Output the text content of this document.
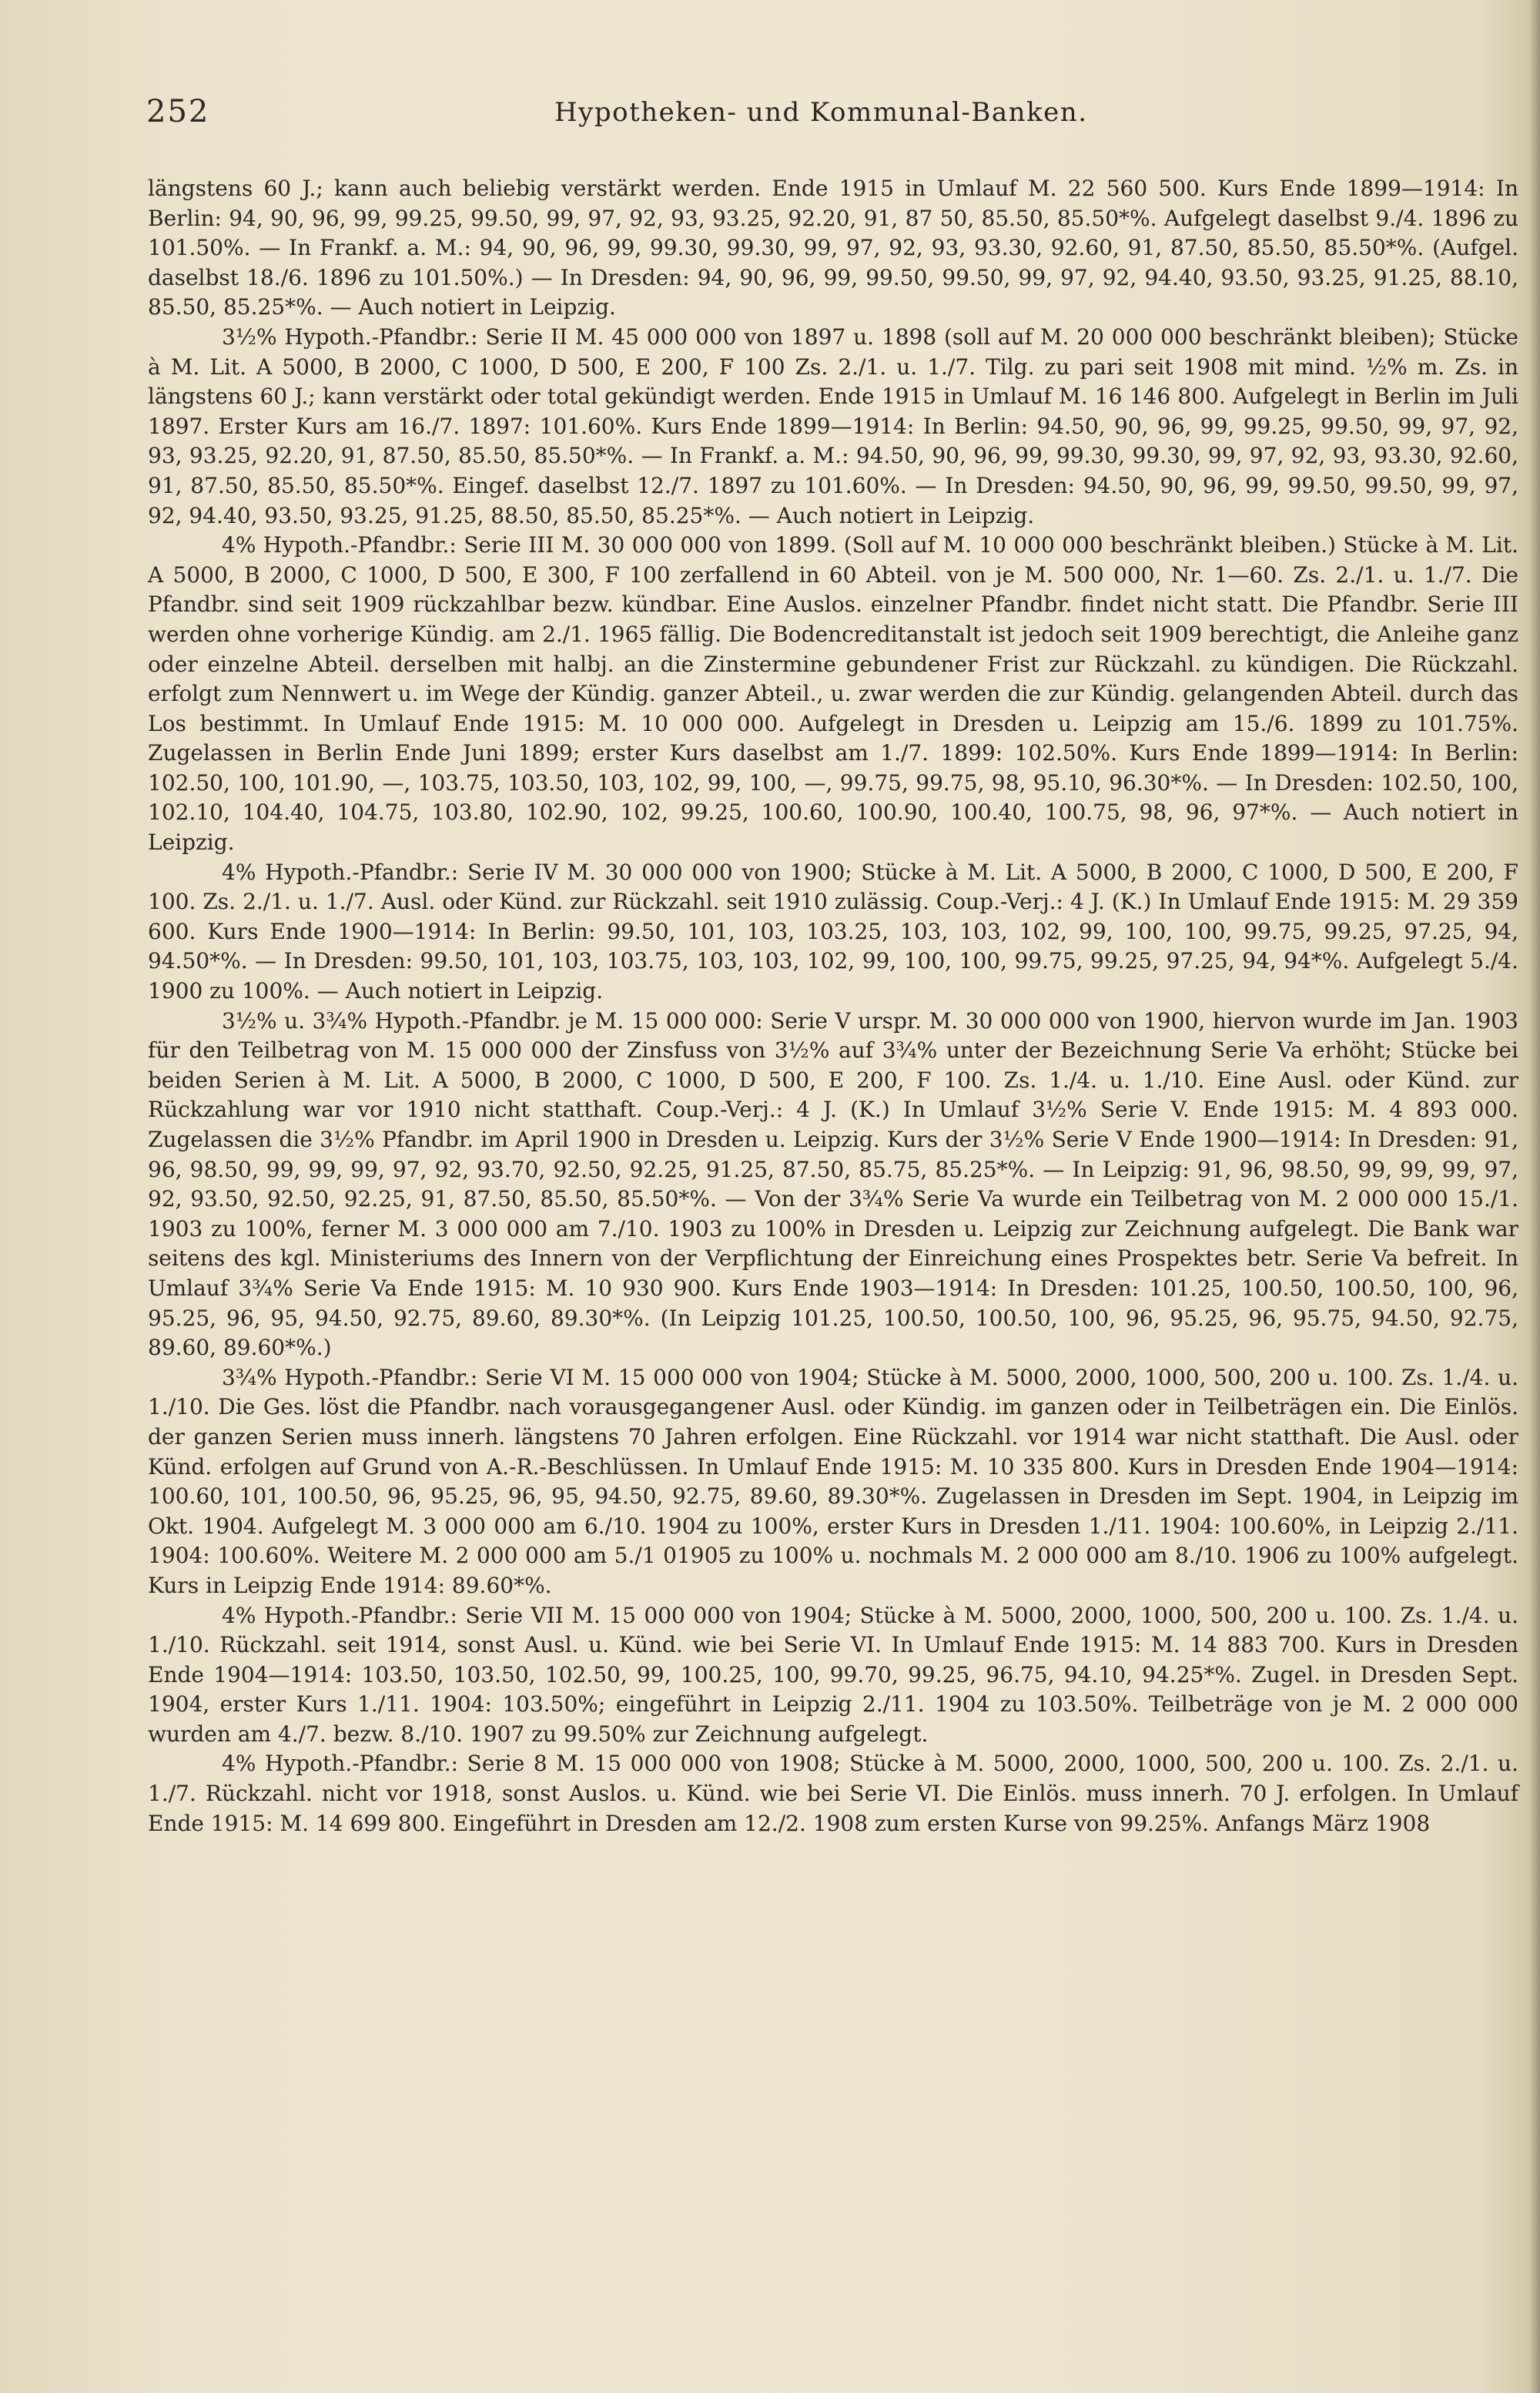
252	Hypotheken- und Kommunal-Banken.

längstens 60 J.; kann auch beliebig verstärkt werden. Ende 1915 in Umlauf M. 22 560 500. Kurs Ende 1899—1914: In Berlin: 94, 90, 96, 99, 99.25, 99.50, 99, 97, 92, 93, 93.25, 92.20, 91, 87 50, 85.50, 85.50*%. Aufgelegt daselbst 9./4. 1896 zu 101.50%. — In Frankf. a. M.: 94, 90, 96, 99, 99.30, 99.30, 99, 97, 92, 93, 93.30, 92.60, 91, 87.50, 85.50, 85.50*%. (Aufgel. daselbst 18./6. 1896 zu 101.50%.) — In Dresden: 94, 90, 96, 99, 99.50, 99.50, 99, 97, 92, 94.40, 93.50, 93.25, 91.25, 88.10, 85.50, 85.25*%. — Auch notiert in Leipzig.

3½% Hypoth.-Pfandbr.: Serie II M. 45 000 000 von 1897 u. 1898 (soll auf M. 20 000 000 beschränkt bleiben); Stücke à M. Lit. A 5000, B 2000, C 1000, D 500, E 200, F 100 Zs. 2./1. u. 1./7. Tilg. zu pari seit 1908 mit mind. ½% m. Zs. in längstens 60 J.; kann verstärkt oder total gekündigt werden. Ende 1915 in Umlauf M. 16 146 800. Aufgelegt in Berlin im Juli 1897. Erster Kurs am 16./7. 1897: 101.60%. Kurs Ende 1899—1914: In Berlin: 94.50, 90, 96, 99, 99.25, 99.50, 99, 97, 92, 93, 93.25, 92.20, 91, 87.50, 85.50, 85.50*%. — In Frankf. a. M.: 94.50, 90, 96, 99, 99.30, 99.30, 99, 97, 92, 93, 93.30, 92.60, 91, 87.50, 85.50, 85.50*%. Eingef. daselbst 12./7. 1897 zu 101.60%. — In Dresden: 94.50, 90, 96, 99, 99.50, 99.50, 99, 97, 92, 94.40, 93.50, 93.25, 91.25, 88.50, 85.50, 85.25*%. — Auch notiert in Leipzig.

4% Hypoth.-Pfandbr.: Serie III M. 30 000 000 von 1899. (Soll auf M. 10 000 000 beschränkt bleiben.) Stücke à M. Lit. A 5000, B 2000, C 1000, D 500, E 300, F 100 zerfallend in 60 Abteil. von je M. 500 000, Nr. 1—60. Zs. 2./1. u. 1./7. Die Pfandbr. sind seit 1909 rückzahlbar bezw. kündbar. Eine Auslos. einzelner Pfandbr. findet nicht statt. Die Pfandbr. Serie III werden ohne vorherige Kündig. am 2./1. 1965 fällig. Die Bodencreditanstalt ist jedoch seit 1909 berechtigt, die Anleihe ganz oder einzelne Abteil. derselben mit halbj. an die Zinstermine gebundener Frist zur Rückzahl. zu kündigen. Die Rückzahl. erfolgt zum Nennwert u. im Wege der Kündig. ganzer Abteil., u. zwar werden die zur Kündig. gelangenden Abteil. durch das Los bestimmt. In Umlauf Ende 1915: M. 10 000 000. Aufgelegt in Dresden u. Leipzig am 15./6. 1899 zu 101.75%. Zugelassen in Berlin Ende Juni 1899; erster Kurs daselbst am 1./7. 1899: 102.50%. Kurs Ende 1899—1914: In Berlin: 102.50, 100, 101.90, —, 103.75, 103.50, 103, 102, 99, 100, —, 99.75, 99.75, 98, 95.10, 96.30*%. — In Dresden: 102.50, 100, 102.10, 104.40, 104.75, 103.80, 102.90, 102, 99.25, 100.60, 100.90, 100.40, 100.75, 98, 96, 97*%. — Auch notiert in Leipzig.

4% Hypoth.-Pfandbr.: Serie IV M. 30 000 000 von 1900; Stücke à M. Lit. A 5000, B 2000, C 1000, D 500, E 200, F 100. Zs. 2./1. u. 1./7. Ausl. oder Künd. zur Rückzahl. seit 1910 zulässig. Coup.-Verj.: 4 J. (K.) In Umlauf Ende 1915: M. 29 359 600. Kurs Ende 1900—1914: In Berlin: 99.50, 101, 103, 103.25, 103, 103, 102, 99, 100, 100, 99.75, 99.25, 97.25, 94, 94.50*%. — In Dresden: 99.50, 101, 103, 103.75, 103, 103, 102, 99, 100, 100, 99.75, 99.25, 97.25, 94, 94*%. Aufgelegt 5./4. 1900 zu 100%. — Auch notiert in Leipzig.

3½% u. 3¾% Hypoth.-Pfandbr. je M. 15 000 000: Serie V urspr. M. 30 000 000 von 1900, hiervon wurde im Jan. 1903 für den Teilbetrag von M. 15 000 000 der Zinsfuss von 3½% auf 3¾% unter der Bezeichnung Serie Va erhöht; Stücke bei beiden Serien à M. Lit. A 5000, B 2000, C 1000, D 500, E 200, F 100. Zs. 1./4. u. 1./10. Eine Ausl. oder Künd. zur Rückzahlung war vor 1910 nicht statthaft. Coup.-Verj.: 4 J. (K.) In Umlauf 3½% Serie V. Ende 1915: M. 4 893 000. Zugelassen die 3½% Pfandbr. im April 1900 in Dresden u. Leipzig. Kurs der 3½% Serie V Ende 1900—1914: In Dresden: 91, 96, 98.50, 99, 99, 99, 97, 92, 93.70, 92.50, 92.25, 91.25, 87.50, 85.75, 85.25*%. — In Leipzig: 91, 96, 98.50, 99, 99, 99, 97, 92, 93.50, 92.50, 92.25, 91, 87.50, 85.50, 85.50*%. — Von der 3¾% Serie Va wurde ein Teilbetrag von M. 2 000 000 15./1. 1903 zu 100%, ferner M. 3 000 000 am 7./10. 1903 zu 100% in Dresden u. Leipzig zur Zeichnung aufgelegt. Die Bank war seitens des kgl. Ministeriums des Innern von der Verpflichtung der Einreichung eines Prospektes betr. Serie Va befreit. In Umlauf 3¾% Serie Va Ende 1915: M. 10 930 900. Kurs Ende 1903—1914: In Dresden: 101.25, 100.50, 100.50, 100, 96, 95.25, 96, 95, 94.50, 92.75, 89.60, 89.30*%. (In Leipzig 101.25, 100.50, 100.50, 100, 96, 95.25, 96, 95.75, 94.50, 92.75, 89.60, 89.60*%.)

3¾% Hypoth.-Pfandbr.: Serie VI M. 15 000 000 von 1904; Stücke à M. 5000, 2000, 1000, 500, 200 u. 100. Zs. 1./4. u. 1./10. Die Ges. löst die Pfandbr. nach vorausgegangener Ausl. oder Kündig. im ganzen oder in Teilbeträgen ein. Die Einlös. der ganzen Serien muss innerh. längstens 70 Jahren erfolgen. Eine Rückzahl. vor 1914 war nicht statthaft. Die Ausl. oder Künd. erfolgen auf Grund von A.-R.-Beschlüssen. In Umlauf Ende 1915: M. 10 335 800. Kurs in Dresden Ende 1904—1914: 100.60, 101, 100.50, 96, 95.25, 96, 95, 94.50, 92.75, 89.60, 89.30*%. Zugelassen in Dresden im Sept. 1904, in Leipzig im Okt. 1904. Aufgelegt M. 3 000 000 am 6./10. 1904 zu 100%, erster Kurs in Dresden 1./11. 1904: 100.60%, in Leipzig 2./11. 1904: 100.60%. Weitere M. 2 000 000 am 5./1 01905 zu 100% u. nochmals M. 2 000 000 am 8./10. 1906 zu 100% aufgelegt. Kurs in Leipzig Ende 1914: 89.60*%.

4% Hypoth.-Pfandbr.: Serie VII M. 15 000 000 von 1904; Stücke à M. 5000, 2000, 1000, 500, 200 u. 100. Zs. 1./4. u. 1./10. Rückzahl. seit 1914, sonst Ausl. u. Künd. wie bei Serie VI. In Umlauf Ende 1915: M. 14 883 700. Kurs in Dresden Ende 1904—1914: 103.50, 103.50, 102.50, 99, 100.25, 100, 99.70, 99.25, 96.75, 94.10, 94.25*%. Zugel. in Dresden Sept. 1904, erster Kurs 1./11. 1904: 103.50%; eingeführt in Leipzig 2./11. 1904 zu 103.50%. Teilbeträge von je M. 2 000 000 wurden am 4./7. bezw. 8./10. 1907 zu 99.50% zur Zeichnung aufgelegt.

4% Hypoth.-Pfandbr.: Serie 8 M. 15 000 000 von 1908; Stücke à M. 5000, 2000, 1000, 500, 200 u. 100. Zs. 2./1. u. 1./7. Rückzahl. nicht vor 1918, sonst Auslos. u. Künd. wie bei Serie VI. Die Einlös. muss innerh. 70 J. erfolgen. In Umlauf Ende 1915: M. 14 699 800. Eingeführt in Dresden am 12./2. 1908 zum ersten Kurse von 99.25%. Anfangs März 1908
